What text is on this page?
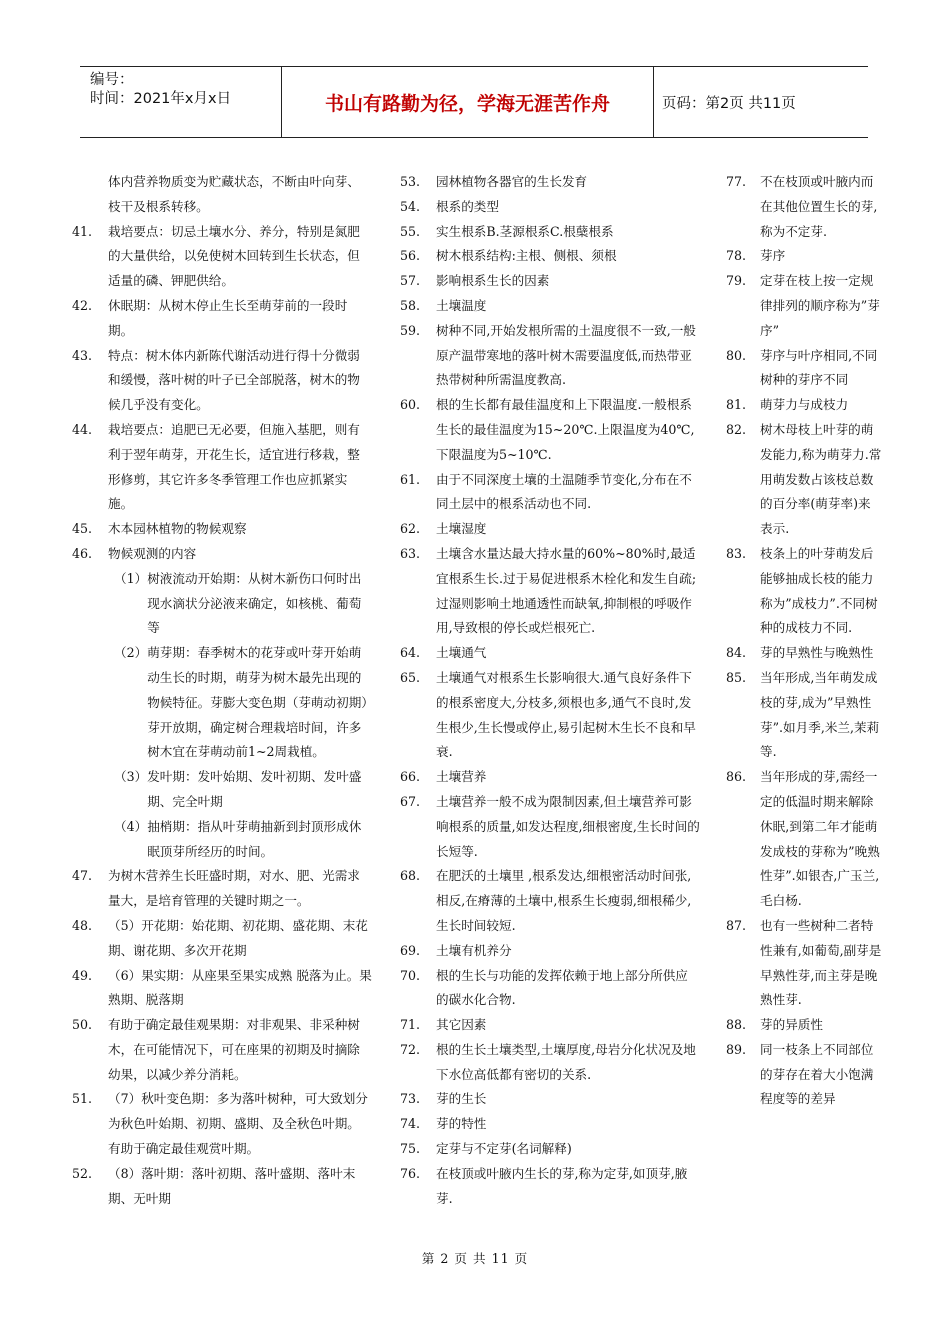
编号：
时间：2021年x月x日	书山有路勤为径，学海无涯苦作舟	页码：第2页 共11页
体内营养物质变为贮藏状态，不断由叶向芽、枝干及根系转移。
41.	栽培要点：切忌土壤水分、养分，特别是氮肥的大量供给，以免使树木回转到生长状态，但适量的磷、钾肥供给。
42.	休眠期：从树木停止生长至萌芽前的一段时期。
43.	特点：树木体内新陈代谢活动进行得十分微弱和缓慢，落叶树的叶子已全部脱落，树木的物候几乎没有变化。
44.	栽培要点：追肥已无必要，但施入基肥，则有利于翌年萌芽，开花生长，适宜进行移栽，整形修剪，其它许多冬季管理工作也应抓紧实施。
45.	木本园林植物的物候观察
46.	物候观测的内容
（1） 树液流动开始期：从树木新伤口何时出现水滴状分泌液来确定，如核桃、葡萄等
（2） 萌芽期：春季树木的花芽或叶芽开始萌动生长的时期，萌芽为树木最先出现的物候特征。芽膨大变色期（芽萌动初期）芽开放期，确定树合理栽培时间，许多树木宜在芽萌动前1~2周栽植。
（3） 发叶期：发叶始期、发叶初期、发叶盛期、完全叶期
（4） 抽梢期：指从叶芽萌抽新到封顶形成休眠顶芽所经历的时间。
47.	为树木营养生长旺盛时期，对水、肥、光需求量大，是培育管理的关键时期之一。
48.	（5）开花期：始花期、初花期、盛花期、末花期、谢花期、多次开花期
49.	（6）果实期：从座果至果实成熟 脱落为止。果熟期、脱落期
50.	有助于确定最佳观果期：对非观果、非采种树木，在可能情况下，可在座果的初期及时摘除幼果，以减少养分消耗。
51.	（7）秋叶变色期：多为落叶树种，可大致划分为秋色叶始期、初期、盛期、及全秋色叶期。有助于确定最佳观赏叶期。
52.	（8）落叶期：落叶初期、落叶盛期、落叶末期、无叶期
53.	园林植物各器官的生长发育
54.	根系的类型
55.	实生根系B.茎源根系C.根蘖根系
56.	树木根系结构:主根、侧根、须根
57.	影响根系生长的因素
58.	土壤温度
59.	树种不同,开始发根所需的土温度很不一致,一般原产温带寒地的落叶树木需要温度低,而热带亚热带树种所需温度教高.
60.	根的生长都有最佳温度和上下限温度.一般根系生长的最佳温度为15~20℃.上限温度为40℃,下限温度为5~10℃.
61.	由于不同深度土壤的土温随季节变化,分布在不同土层中的根系活动也不同.
62.	土壤湿度
63.	土壤含水量达最大持水量的60%~80%时,最适宜根系生长.过于易促进根系木栓化和发生自疏;过湿则影响土地通透性而缺氧,抑制根的呼吸作用,导致根的停长或烂根死亡.
64.	土壤通气
65.	土壤通气对根系生长影响很大.通气良好条件下的根系密度大,分枝多,须根也多,通气不良时,发生根少,生长慢或停止,易引起树木生长不良和早衰.
66.	土壤营养
67.	土壤营养一般不成为限制因素,但土壤营养可影响根系的质量,如发达程度,细根密度,生长时间的长短等.
68.	在肥沃的土壤里 ,根系发达,细根密活动时间张,相反,在瘠薄的土壤中,根系生长瘦弱,细根稀少,生长时间较短.
69.	土壤有机养分
70.	根的生长与功能的发挥依赖于地上部分所供应的碳水化合物.
71.	其它因素
72.	根的生长土壤类型,土壤厚度,母岩分化状况及地下水位高低都有密切的关系.
73.	芽的生长
74.	芽的特性
75.	定芽与不定芽(名词解释)
76.	在枝顶或叶腋内生长的芽,称为定芽,如顶芽,腋芽.
77.	不在枝顶或叶腋内而在其他位置生长的芽,称为不定芽.
78.	芽序
79.	定芽在枝上按一定规律排列的顺序称为”芽序”
80.	芽序与叶序相同,不同树种的芽序不同
81.	萌芽力与成枝力
82.	树木母枝上叶芽的萌发能力,称为萌芽力.常用萌发数占该枝总数的百分率(萌芽率)来表示.
83.	枝条上的叶芽萌发后能够抽成长枝的能力称为”成枝力”.不同树种的成枝力不同.
84.	芽的早熟性与晚熟性
85.	当年形成,当年萌发成枝的芽,成为”早熟性芽”.如月季,米兰,茉莉等.
86.	当年形成的芽,需经一定的低温时期来解除休眠,到第二年才能萌发成枝的芽称为”晚熟性芽”.如银杏,广玉兰,毛白杨.
87.	也有一些树种二者特性兼有,如葡萄,副芽是早熟性芽,而主芽是晚熟性芽.
88.	芽的异质性
89.	同一枝条上不同部位的芽存在着大小饱满程度等的差异
第 2 页 共 11 页
